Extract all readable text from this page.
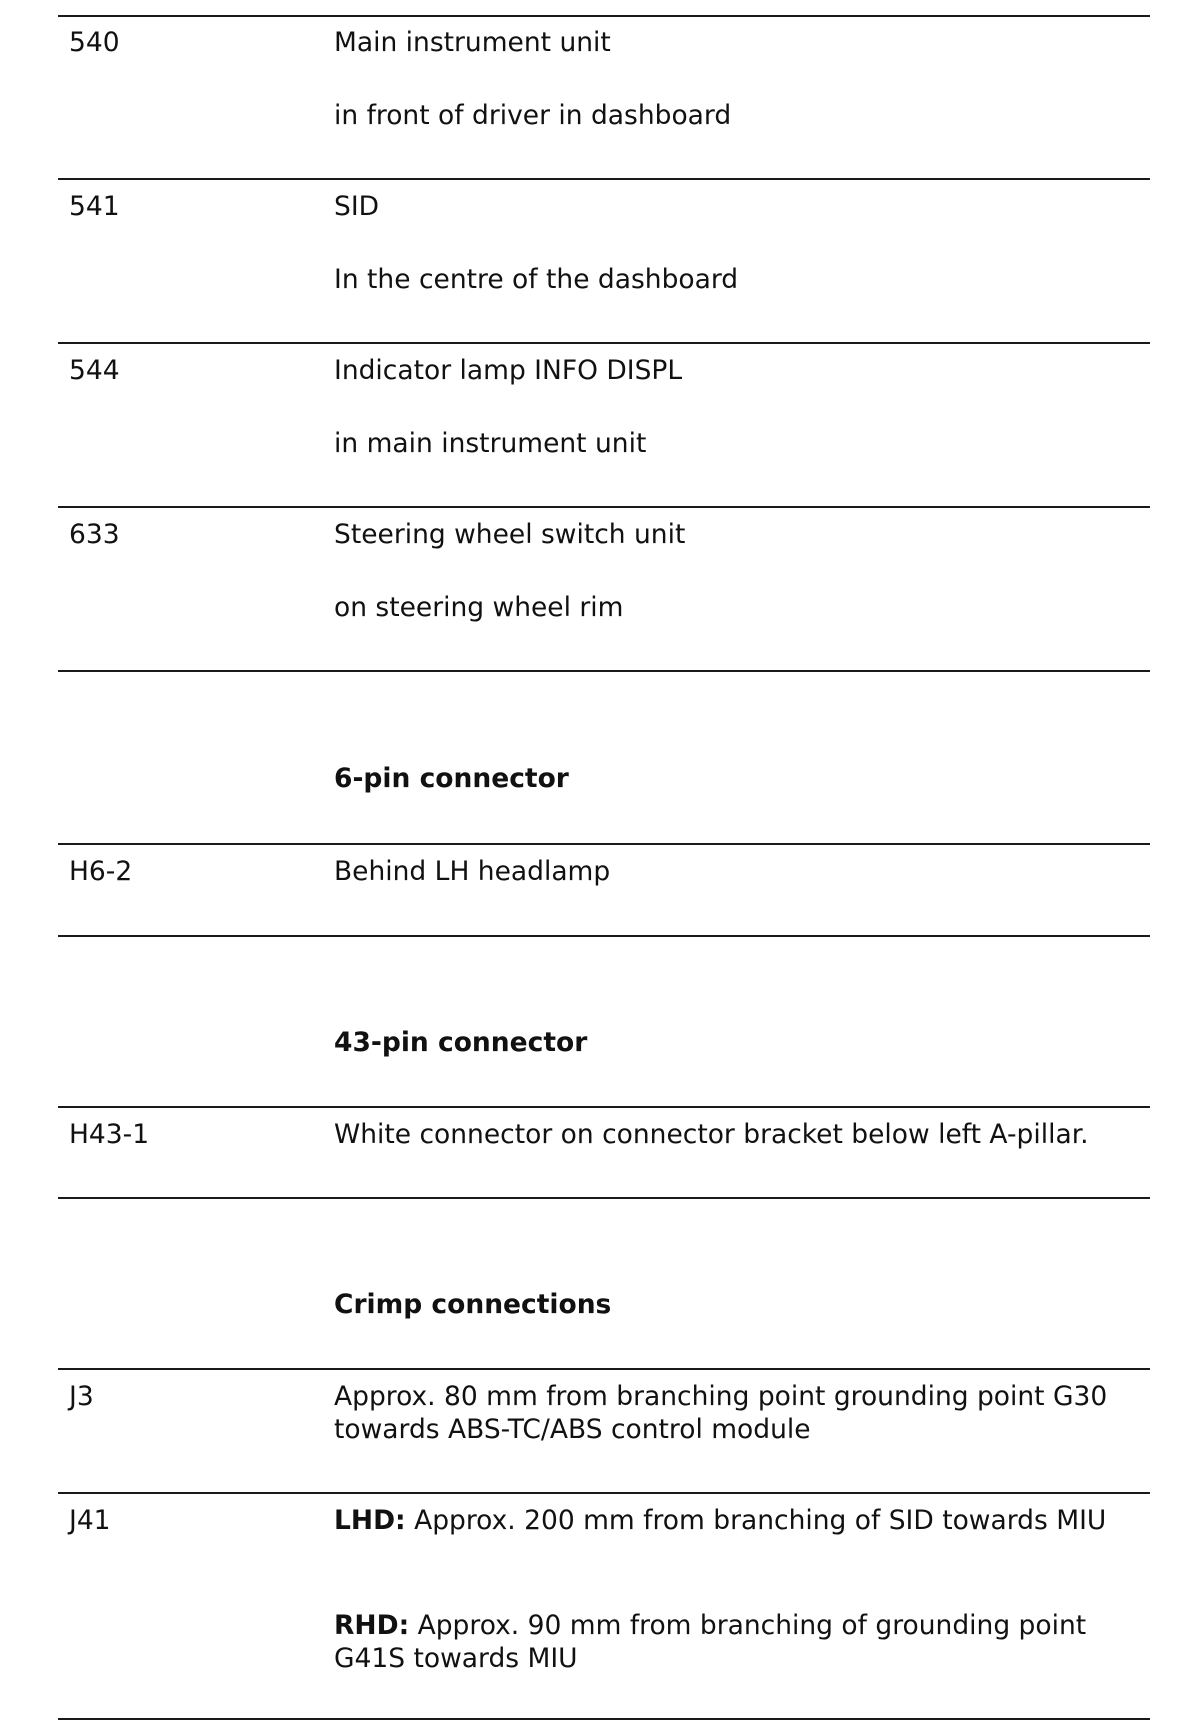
540	Main instrument unit
in front of driver in dashboard
541	SID
In the centre of the dashboard
544	Indicator lamp INFO DISPL
in main instrument unit
633	Steering wheel switch unit
on steering wheel rim
6-pin connector
H6-2	Behind LH headlamp
43-pin connector
H43-1	White connector on connector bracket below left A-pillar.
Crimp connections
J3	Approx. 80 mm from branching point grounding point G30 towards ABS-TC/ABS control module
J41	LHD: Approx. 200 mm from branching of SID towards MIU
RHD: Approx. 90 mm from branching of grounding point G41S towards MIU
